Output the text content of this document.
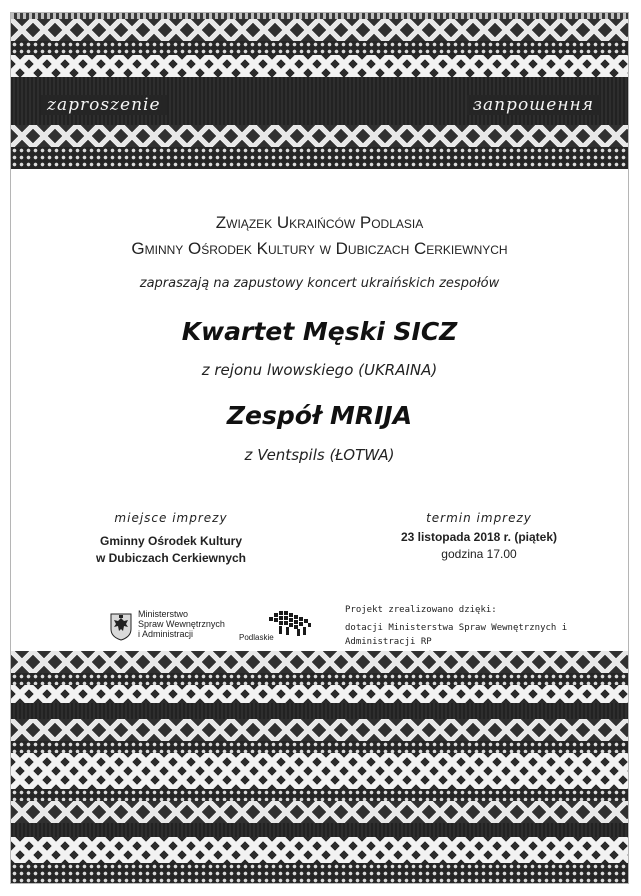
zaproszenie	запрошення
Związek Ukraińców Podlasia
Gminny Ośrodek Kultury w Dubiczach Cerkiewnych
zapraszają na zapustowy koncert ukraińskich zespołów
Kwartet Męski SICZ
z rejonu lwowskiego (UKRAINA)
Zespół MRIJA
z Ventspils (ŁOTWA)
miejsce imprezy
Gminny Ośrodek Kultury
w Dubiczach Cerkiewnych
termin imprezy
23 listopada 2018 r. (piątek)
godzina 17.00
Ministerstwo
Spraw Wewnętrznych
i Administracji	Podlaskie
Projekt zrealizowano dzięki:
dotacji Ministerstwa Spraw Wewnętrznych i Administracji RP
